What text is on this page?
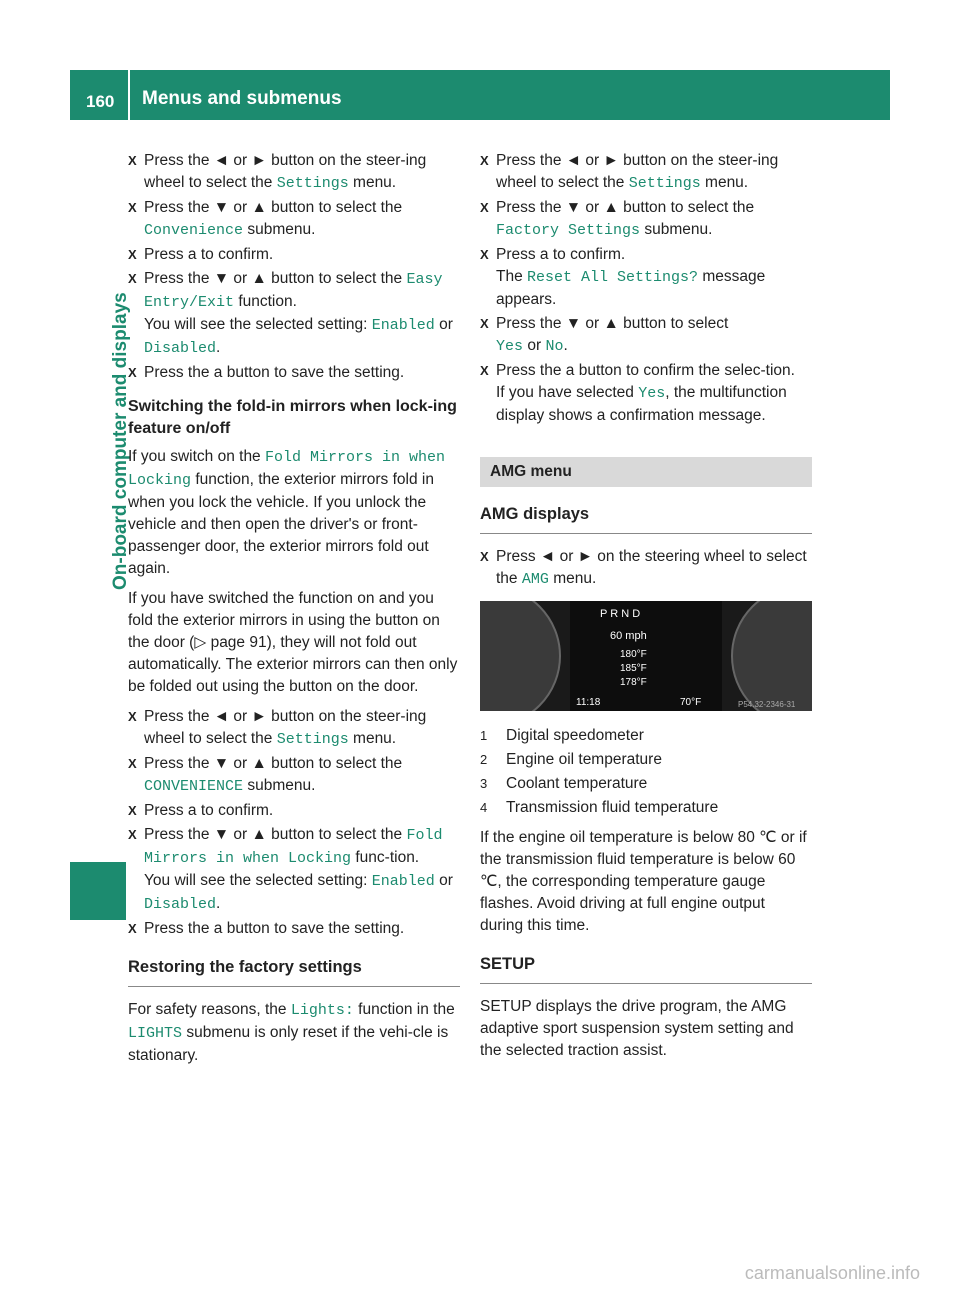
160 Menus and submenus
On-board computer and displays
X Press the ◄ or ► button on the steer-ing wheel to select the Settings menu.
X Press the ▼ or ▲ button to select the Convenience submenu.
X Press a to confirm.
X Press the ▼ or ▲ button to select the Easy Entry/Exit function.
You will see the selected setting: Enabled or Disabled.
X Press the a button to save the setting.
Switching the fold-in mirrors when lock-ing feature on/off

If you switch on the Fold Mirrors in when Locking function, the exterior mirrors fold in when you lock the vehicle. If you unlock the vehicle and then open the driver's or front-passenger door, the exterior mirrors fold out again.

If you have switched the function on and you fold the exterior mirrors in using the button on the door (▷ page 91), they will not fold out automatically. The exterior mirrors can then only be folded out using the button on the door.

X Press the ◄ or ► button on the steer-ing wheel to select the Settings menu.
X Press the ▼ or ▲ button to select the CONVENIENCE submenu.
X Press a to confirm.
X Press the ▼ or ▲ button to select the Fold Mirrors in when Locking func-tion.
You will see the selected setting: Enabled or Disabled.
X Press the a button to save the setting.
Restoring the factory settings

For safety reasons, the Lights: function in the LIGHTS submenu is only reset if the vehi-cle is stationary.

X Press the ◄ or ► button on the steer-ing wheel to select the Settings menu.
X Press the ▼ or ▲ button to select the Factory Settings submenu.
X Press a to confirm.
The Reset All Settings? message appears.
X Press the ▼ or ▲ button to select
Yes or No.
X Press the a button to confirm the selec-tion.
If you have selected Yes, the multifunction display shows a confirmation message.
AMG menu
AMG displays
X Press ◄ or ► on the steering wheel to select the AMG menu.
P R N D
60 mph
180°F
185°F
178°F
11:18	70°F	P54.32-2346-31
1 Digital speedometer
2 Engine oil temperature
3 Coolant temperature
4 Transmission fluid temperature

If the engine oil temperature is below 80 ℃ or if the transmission fluid temperature is below 60 ℃, the corresponding temperature gauge flashes. Avoid driving at full engine output during this time.

SETUP

SETUP displays the drive program, the AMG adaptive sport suspension system setting and the selected traction assist.

carmanualsonline.info
